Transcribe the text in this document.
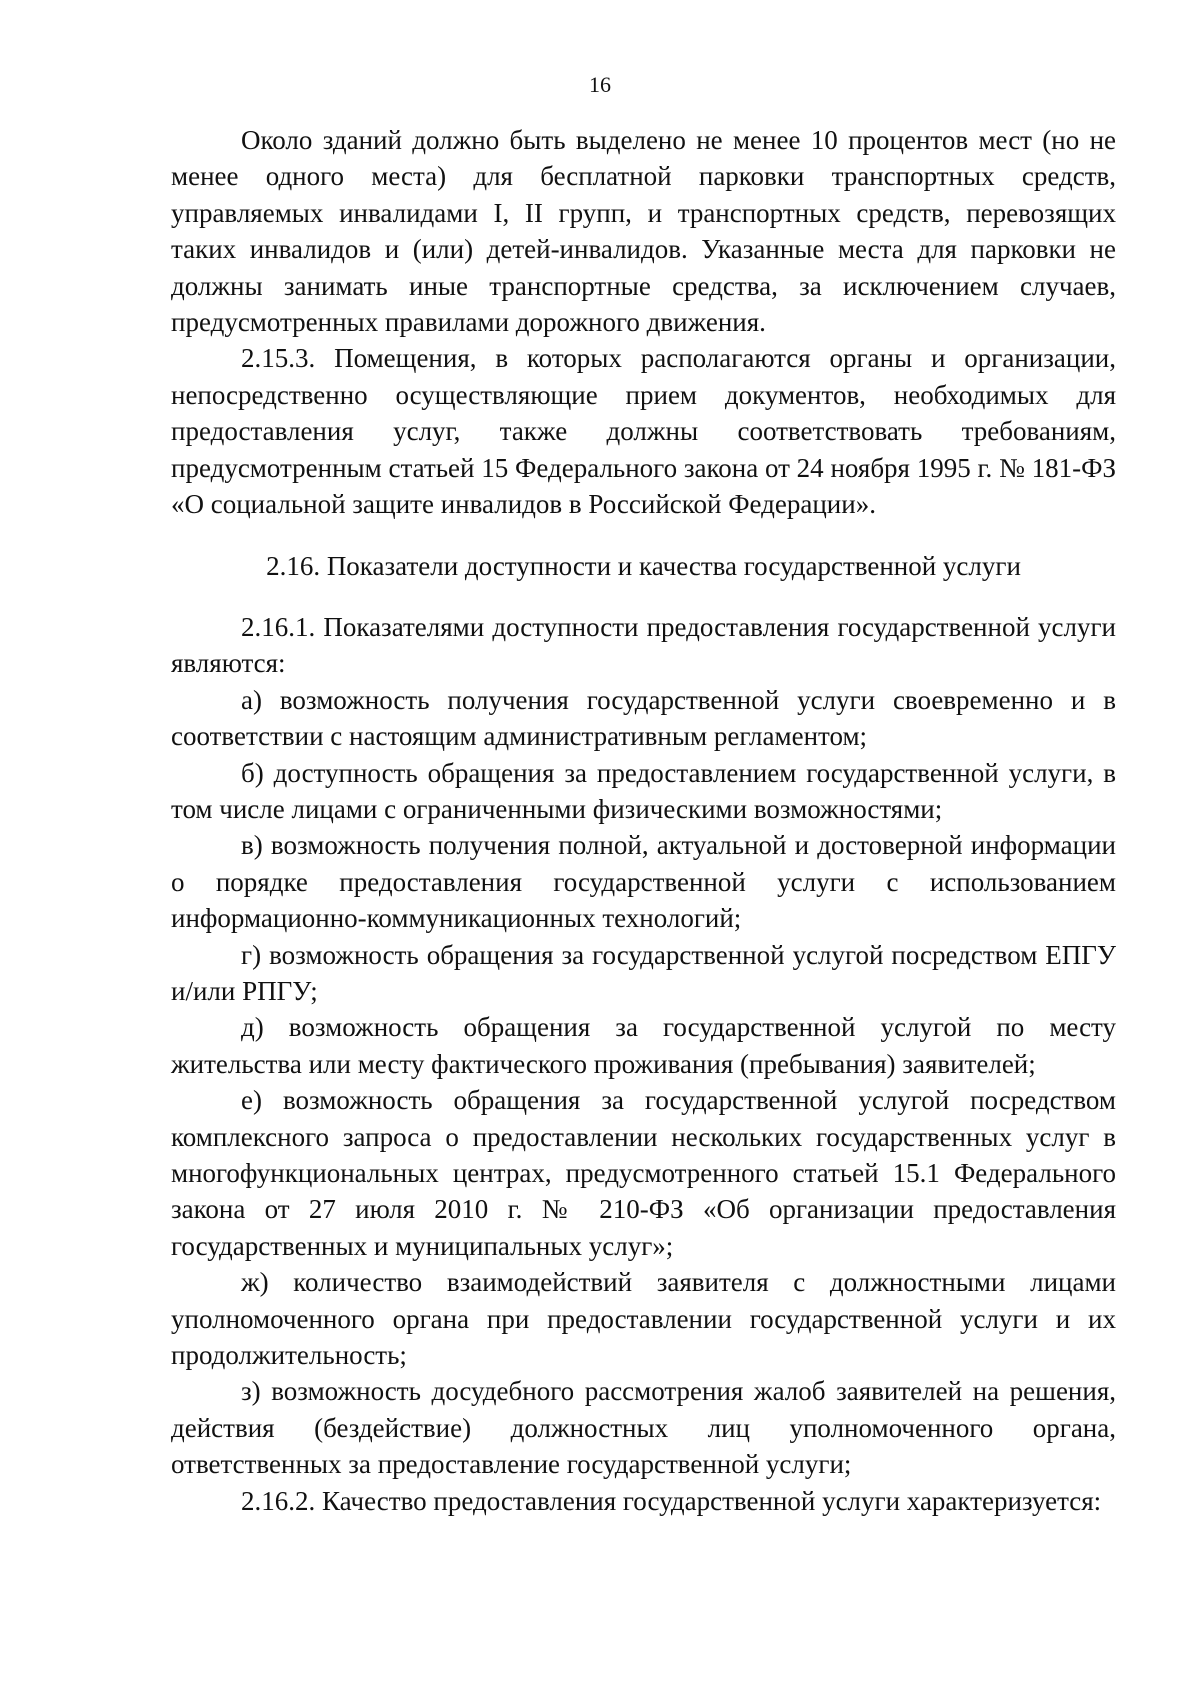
16

Около зданий должно быть выделено не менее 10 процентов мест (но не менее одного места) для бесплатной парковки транспортных средств, управляемых инвалидами I, II групп, и транспортных средств, перевозящих таких инвалидов и (или) детей-инвалидов. Указанные места для парковки не должны занимать иные транспортные средства, за исключением случаев, предусмотренных правилами дорожного движения.

2.15.3. Помещения, в которых располагаются органы и организации, непосредственно осуществляющие прием документов, необходимых для предоставления услуг, также должны соответствовать требованиям, предусмотренным статьей 15 Федерального закона от 24 ноября 1995 г. № 181-ФЗ «О социальной защите инвалидов в Российской Федерации».

2.16. Показатели доступности и качества государственной услуги

2.16.1. Показателями доступности предоставления государственной услуги являются:

а) возможность получения государственной услуги своевременно и в соответствии с настоящим административным регламентом;

б) доступность обращения за предоставлением государственной услуги, в том числе лицами с ограниченными физическими возможностями;

в) возможность получения полной, актуальной и достоверной информации о порядке предоставления государственной услуги с использованием информационно-коммуникационных технологий;

г) возможность обращения за государственной услугой посредством ЕПГУ и/или РПГУ;

д) возможность обращения за государственной услугой по месту жительства или месту фактического проживания (пребывания) заявителей;

е) возможность обращения за государственной услугой посредством комплексного запроса о предоставлении нескольких государственных услуг в многофункциональных центрах, предусмотренного статьей 15.1 Федерального закона от 27 июля 2010 г. № 210-ФЗ «Об организации предоставления государственных и муниципальных услуг»;

ж) количество взаимодействий заявителя с должностными лицами уполномоченного органа при предоставлении государственной услуги и их продолжительность;

з) возможность досудебного рассмотрения жалоб заявителей на решения, действия (бездействие) должностных лиц уполномоченного органа, ответственных за предоставление государственной услуги;

2.16.2. Качество предоставления государственной услуги характеризуется:
